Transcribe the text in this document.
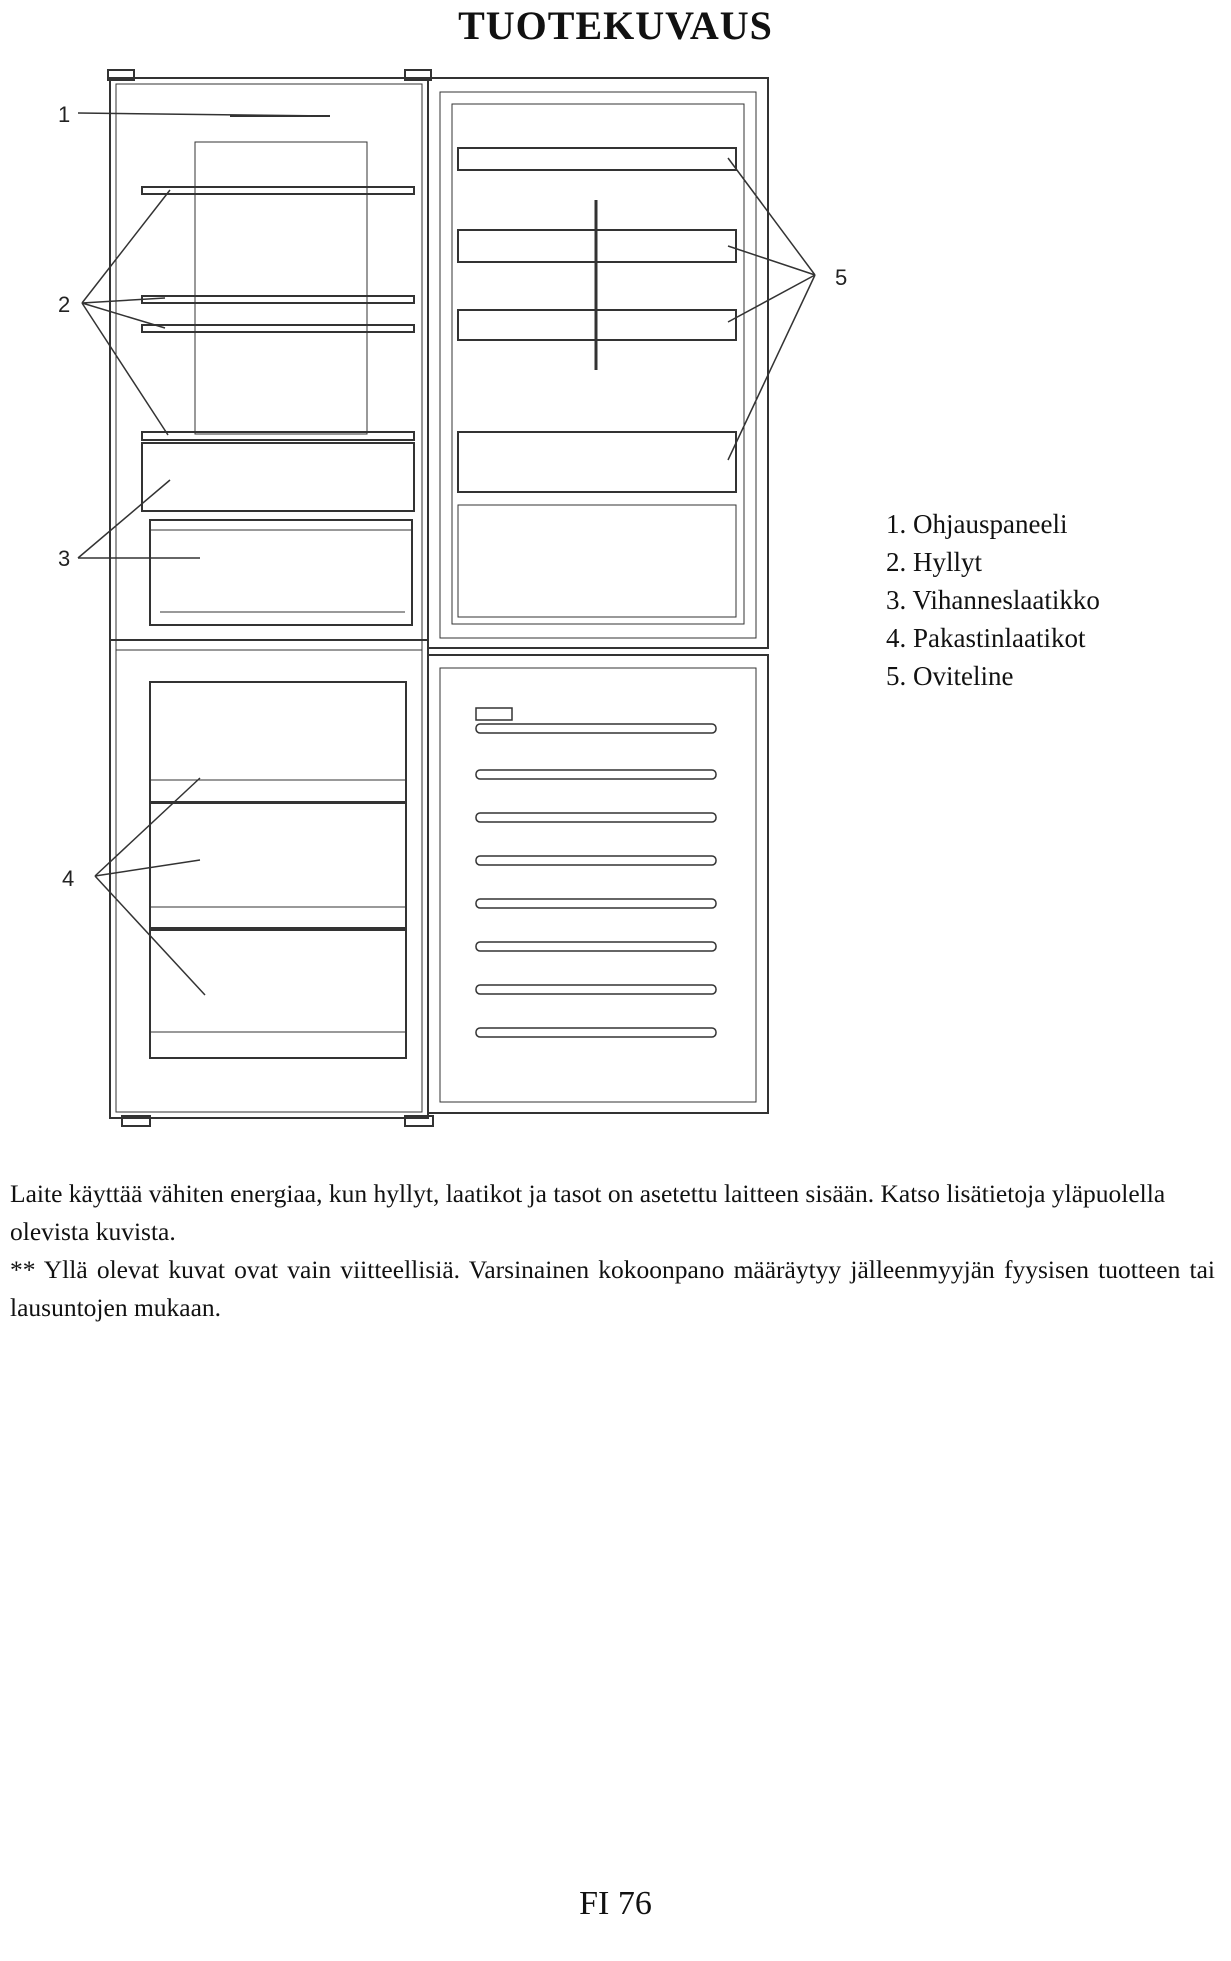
TUOTEKUVAUS
1
2
3
4
5
1. Ohjauspaneeli
2. Hyllyt
3. Vihanneslaatikko
4. Pakastinlaatikot
5. Oviteline

Laite käyttää vähiten energiaa, kun hyllyt, laatikot ja tasot on asetettu laitteen sisään. Katso lisätietoja yläpuolella olevista kuvista.

** Yllä olevat kuvat ovat vain viitteellisiä. Varsinainen kokoonpano määräytyy jälleenmyyjän fyysisen tuotteen tai lausuntojen mukaan.

FI 76
